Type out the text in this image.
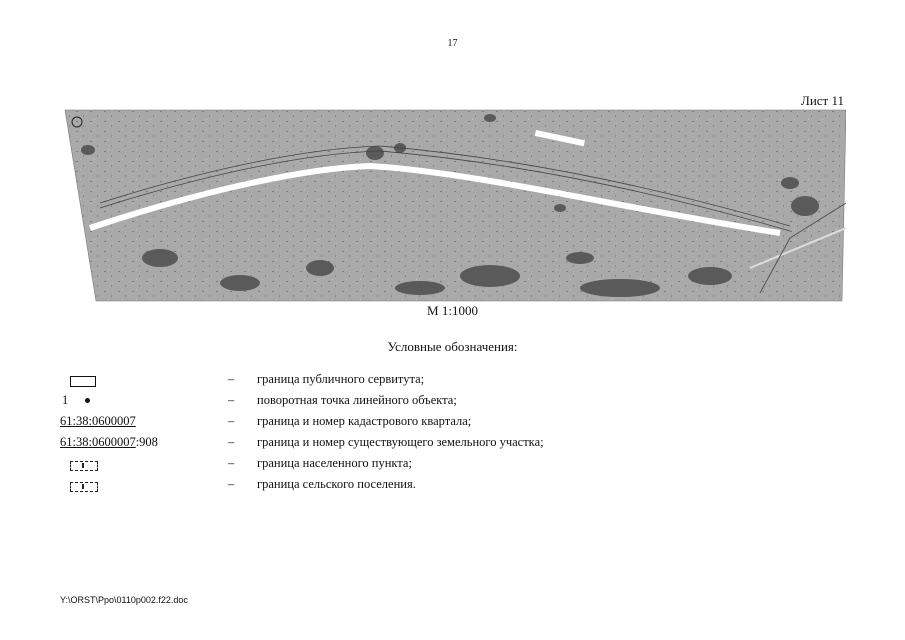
17
Лист 11
М 1:1000
Условные обозначения:
– граница публичного сервитута;
1	– поворотная точка линейного объекта;
61:38:0600007	– граница и номер кадастрового квартала;
61:38:0600007:908	– граница и номер существующего земельного участка;
– граница населенного пункта;
– граница сельского поселения.
Y:\ORST\Ppo\0110p002.f22.doc
